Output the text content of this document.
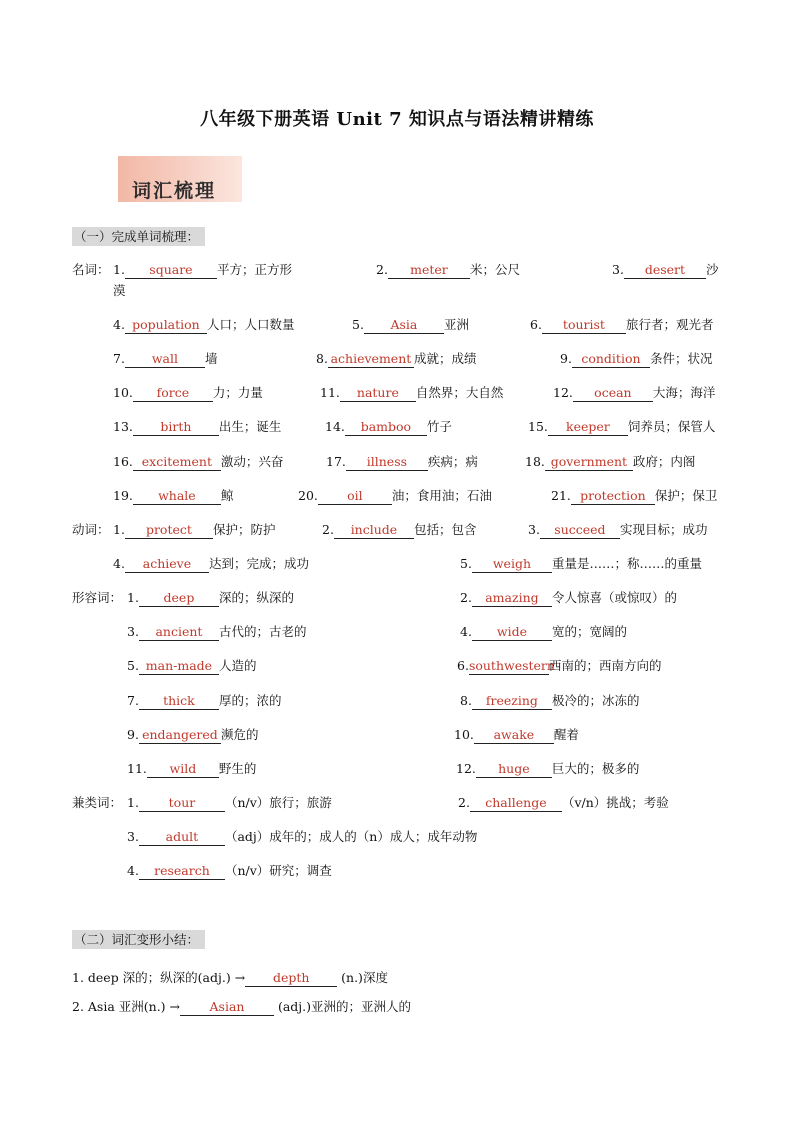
八年级下册英语 Unit 7 知识点与语法精讲精练
词汇梳理
（一）完成单词梳理：
名词： 1. square 平方；正方形	2. meter 米；公尺	3. desert 沙
漠
4. population 人口；人口数量	5. Asia 亚洲	6. tourist 旅行者；观光者
7. wall 墙	8. achievement 成就；成绩	9. condition 条件；状况
10. force 力；力量	11. nature 自然界；大自然	12. ocean 大海；海洋
13. birth 出生；诞生	14. bamboo 竹子	15. keeper 饲养员；保管人
16. excitement 激动；兴奋	17. illness 疾病；病	18. government 政府；内阁
19. whale 鲸	20. oil 油；食用油；石油	21. protection 保护；保卫
动词： 1. protect 保护；防护	2. include 包括；包含	3. succeed 实现目标；成功
4. achieve 达到；完成；成功	5. weigh 重量是……；称……的重量
形容词： 1. deep 深的；纵深的	2. amazing 令人惊喜（或惊叹）的
3. ancient 古代的；古老的	4. wide 宽的；宽阔的
5. man-made 人造的	6.southwestern西南的；西南方向的
7. thick 厚的；浓的	8. freezing 极冷的；冰冻的
9. endangered 濒危的	10. awake 醒着
11. wild 野生的	12. huge 巨大的；极多的
兼类词： 1. tour （n/v）旅行；旅游	2. challenge （v/n）挑战；考验
3. adult （adj）成年的；成人的（n）成人；成年动物
4. research （n/v）研究；调查
（二）词汇变形小结：
1. deep 深的；纵深的(adj.) → depth (n.)深度
2. Asia 亚洲(n.) → Asian (adj.)亚洲的；亚洲人的
